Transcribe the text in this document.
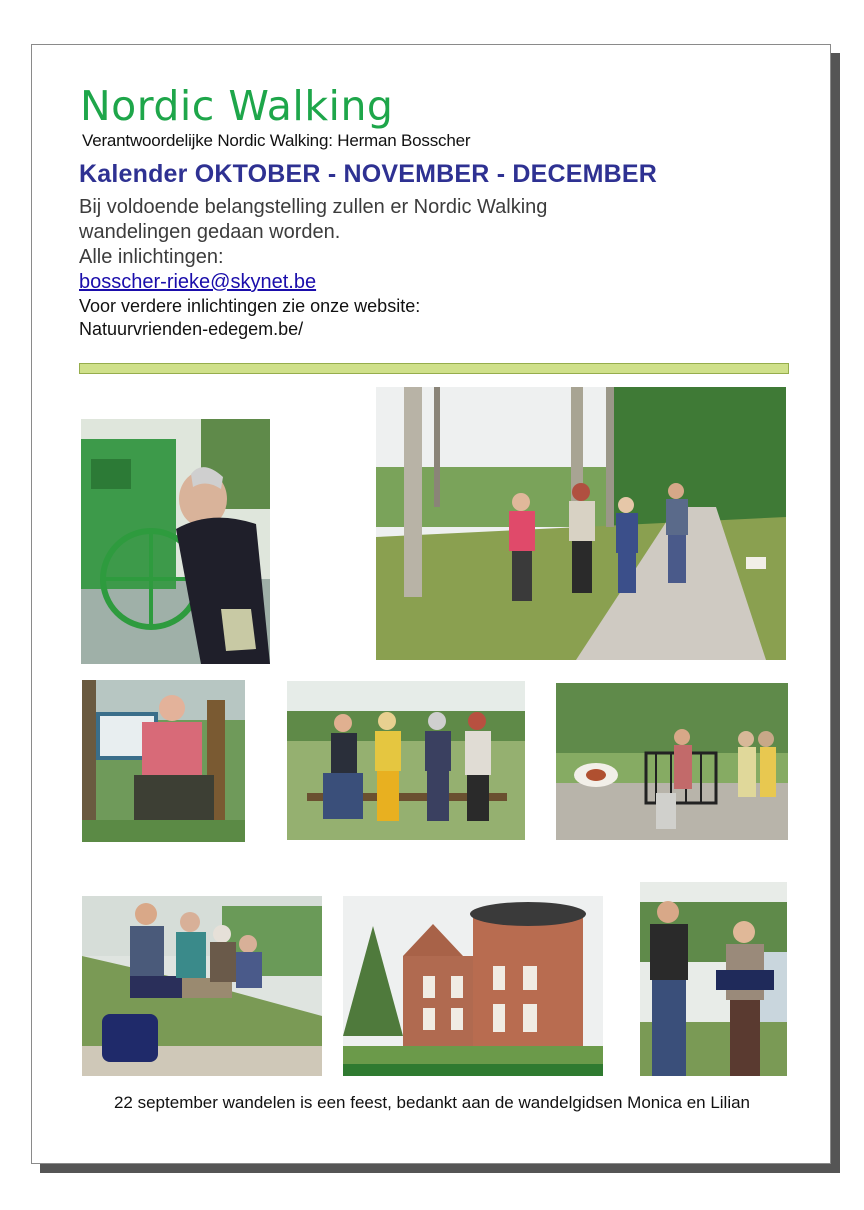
Nordic Walking
Verantwoordelijke Nordic Walking: Herman Bosscher
Kalender OKTOBER - NOVEMBER - DECEMBER

Bij voldoende belangstelling zullen er Nordic Walking

wandelingen gedaan worden.

Alle inlichtingen:

bosscher-rieke@skynet.be

Voor verdere inlichtingen zie onze website:

Natuurvrienden-edegem.be/

22 september wandelen is een feest, bedankt aan de wandelgidsen Monica en Lilian
